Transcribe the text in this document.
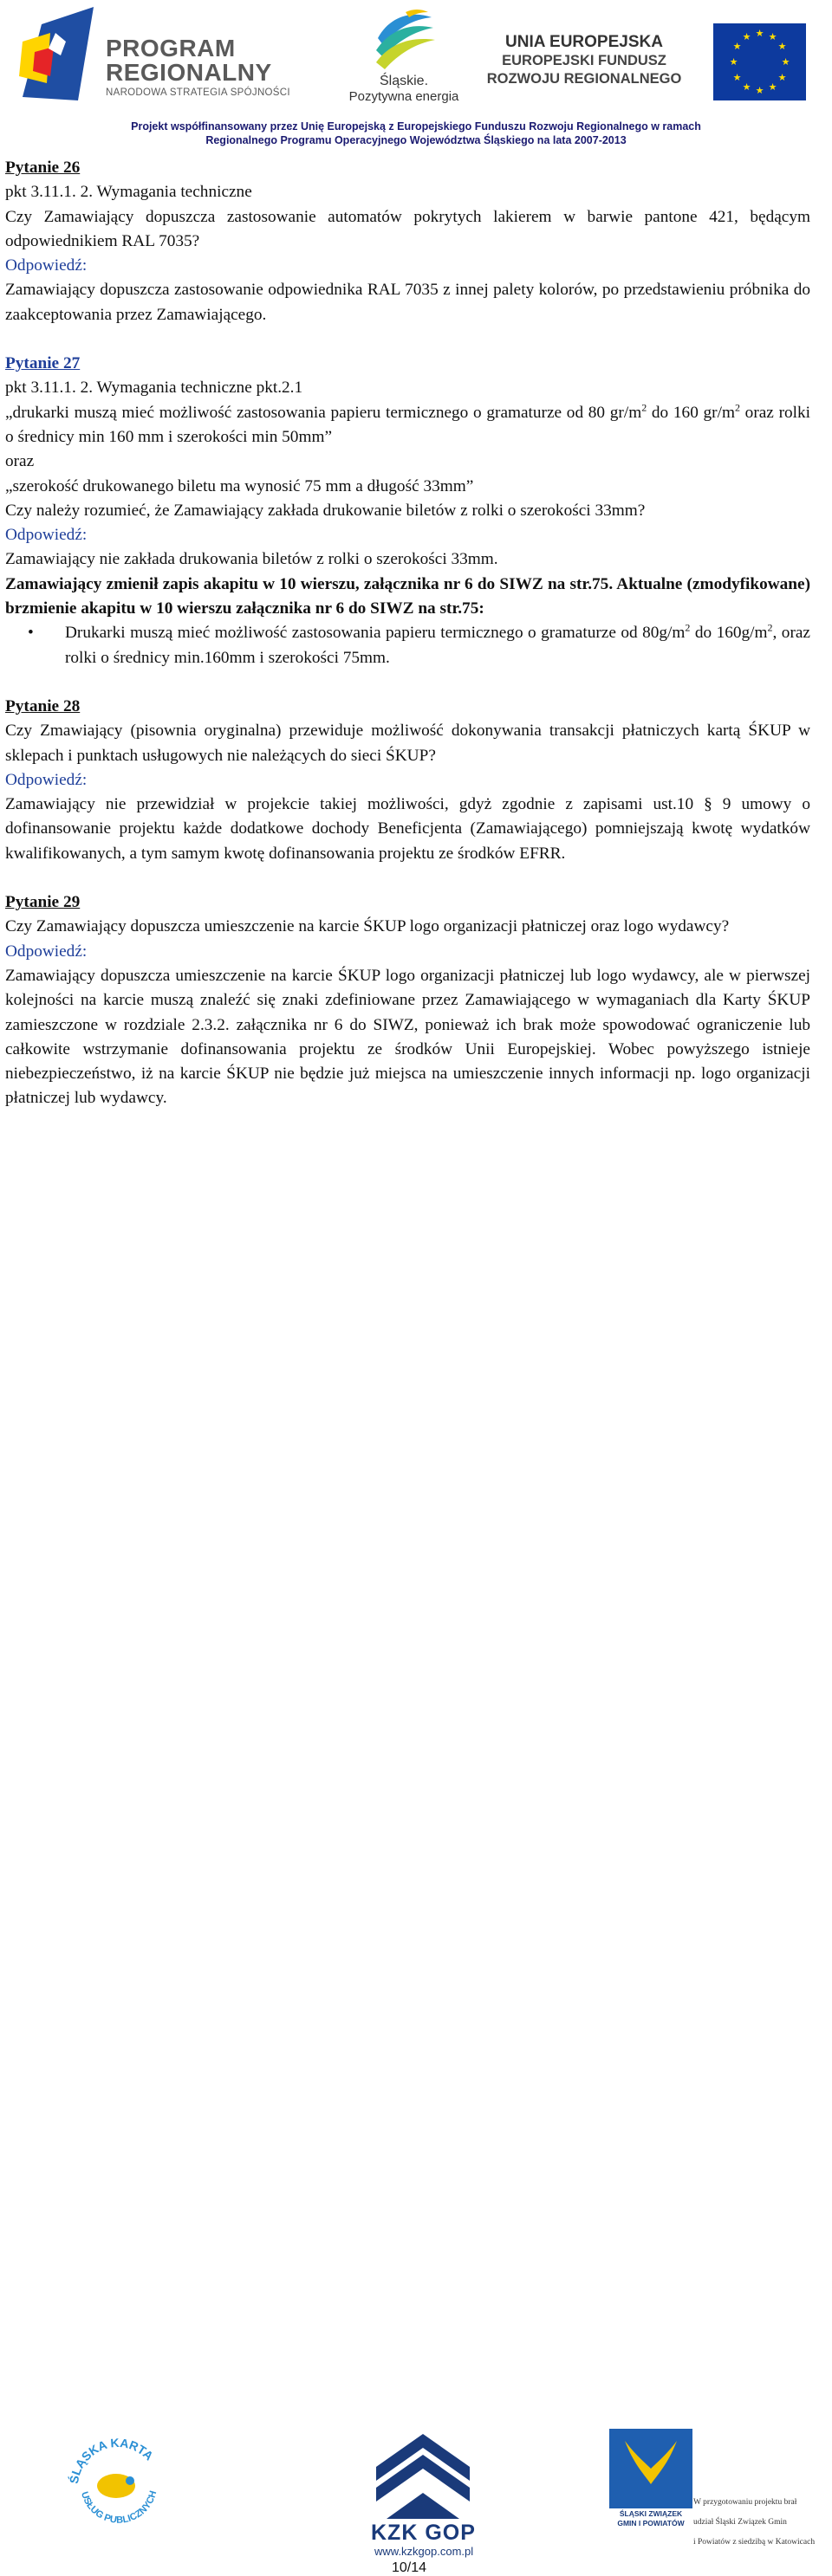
PROGRAM
REGIONALNY
NARODOWA STRATEGIA SPÓJNOŚCI
Śląskie.
Pozytywna energia
UNIA EUROPEJSKA
EUROPEJSKI FUNDUSZ
ROZWOJU REGIONALNEGO
★ ★
★
★
★
★
★
★
★
★
★
★
Projekt współfinansowany przez Unię Europejską z Europejskiego Funduszu Rozwoju Regionalnego w ramach
Regionalnego Programu Operacyjnego Województwa Śląskiego na lata 2007-2013

Pytanie 26

pkt 3.11.1. 2. Wymagania techniczne

Czy Zamawiający dopuszcza zastosowanie automatów pokrytych lakierem w barwie pantone 421, będącym odpowiednikiem RAL 7035?

Odpowiedź:

Zamawiający dopuszcza zastosowanie odpowiednika RAL 7035 z innej palety kolorów, po przedstawieniu próbnika do zaakceptowania przez Zamawiającego.

Pytanie 27

pkt 3.11.1. 2. Wymagania techniczne pkt.2.1

„drukarki muszą mieć możliwość zastosowania papieru termicznego o gramaturze od 80 $gr/m^2$ do 160 $gr/m^2$ oraz rolki o średnicy min 160 mm i szerokości min 50mm”

oraz

„szerokość drukowanego biletu ma wynosić 75 mm a długość 33mm”

Czy należy rozumieć, że Zamawiający zakłada drukowanie biletów z rolki o szerokości 33mm?

Odpowiedź:

Zamawiający nie zakłada drukowania biletów z rolki o szerokości 33mm.

Zamawiający zmienił zapis akapitu w 10 wierszu, załącznika nr 6 do SIWZ na str.75. Aktualne (zmodyfikowane) brzmienie akapitu w 10 wierszu załącznika nr 6 do SIWZ na str.75:

• Drukarki muszą mieć możliwość zastosowania papieru termicznego o gramaturze od $80g/m^2$ do $160g/m^2$, oraz rolki o średnicy min.160mm i szerokości 75mm.

Pytanie 28

Czy Zmawiający (pisownia oryginalna) przewiduje możliwość dokonywania transakcji płatniczych kartą ŚKUP w sklepach i punktach usługowych nie należących do sieci ŚKUP?

Odpowiedź:

Zamawiający nie przewidział w projekcie takiej możliwości, gdyż zgodnie z zapisami ust.10 § 9 umowy o dofinansowanie projektu każde dodatkowe dochody Beneficjenta (Zamawiającego) pomniejszają kwotę wydatków kwalifikowanych, a tym samym kwotę dofinansowania projektu ze środków EFRR.

Pytanie 29

Czy Zamawiający dopuszcza umieszczenie na karcie ŚKUP logo organizacji płatniczej oraz logo wydawcy?

Odpowiedź:

Zamawiający dopuszcza umieszczenie na karcie ŚKUP logo organizacji płatniczej lub logo wydawcy, ale w pierwszej kolejności na karcie muszą znaleźć się znaki zdefiniowane przez Zamawiającego w wymaganiach dla Karty ŚKUP zamieszczone w rozdziale 2.3.2. załącznika nr 6 do SIWZ, ponieważ ich brak może spowodować ograniczenie lub całkowite wstrzymanie dofinansowania projektu ze środków Unii Europejskiej. Wobec powyższego istnieje niebezpieczeństwo, iż na karcie ŚKUP nie będzie już miejsca na umieszczenie innych informacji np. logo organizacji płatniczej lub wydawcy.

ŚLĄSKA KARTA
USŁUG PUBLICZNYCH
KZK GOP
www.kzkgop.com.pl
10/14
ŚLĄSKI ZWIĄZEK
GMIN I POWIATÓW
W przygotowaniu projektu brał
udział Śląski Związek Gmin
i Powiatów z siedzibą w Katowicach
